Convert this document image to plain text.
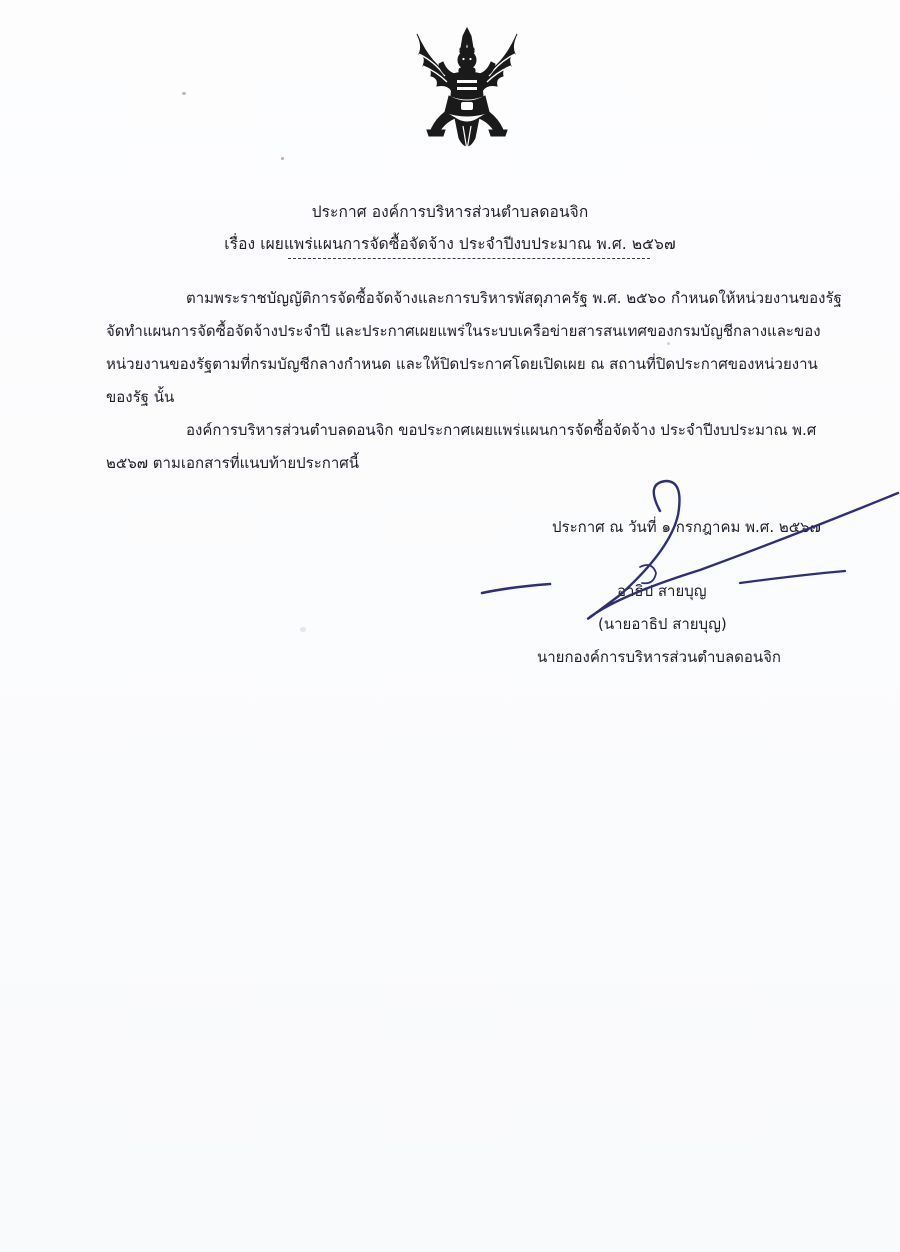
ประกาศ องค์การบริหารส่วนตำบลดอนจิก
เรื่อง เผยแพร่แผนการจัดซื้อจัดจ้าง ประจำปีงบประมาณ พ.ศ. ๒๕๖๗
ตามพระราชบัญญัติการจัดซื้อจัดจ้างและการบริหารพัสดุภาครัฐ พ.ศ. ๒๕๖๐ กำหนดให้หน่วยงานของรัฐ
จัดทำแผนการจัดซื้อจัดจ้างประจำปี และประกาศเผยแพร่ในระบบเครือข่ายสารสนเทศของกรมบัญชีกลางและของ
หน่วยงานของรัฐตามที่กรมบัญชีกลางกำหนด และให้ปิดประกาศโดยเปิดเผย ณ สถานที่ปิดประกาศของหน่วยงาน
ของรัฐ นั้น
องค์การบริหารส่วนตำบลดอนจิก ขอประกาศเผยแพร่แผนการจัดซื้อจัดจ้าง ประจำปีงบประมาณ พ.ศ
๒๕๖๗ ตามเอกสารที่แนบท้ายประกาศนี้
ประกาศ ณ วันที่ ๑ กรกฎาคม พ.ศ. ๒๕๖๗
อาธิป สายบุญ
(นายอาธิป สายบุญ)
นายกองค์การบริหารส่วนตำบลดอนจิก
